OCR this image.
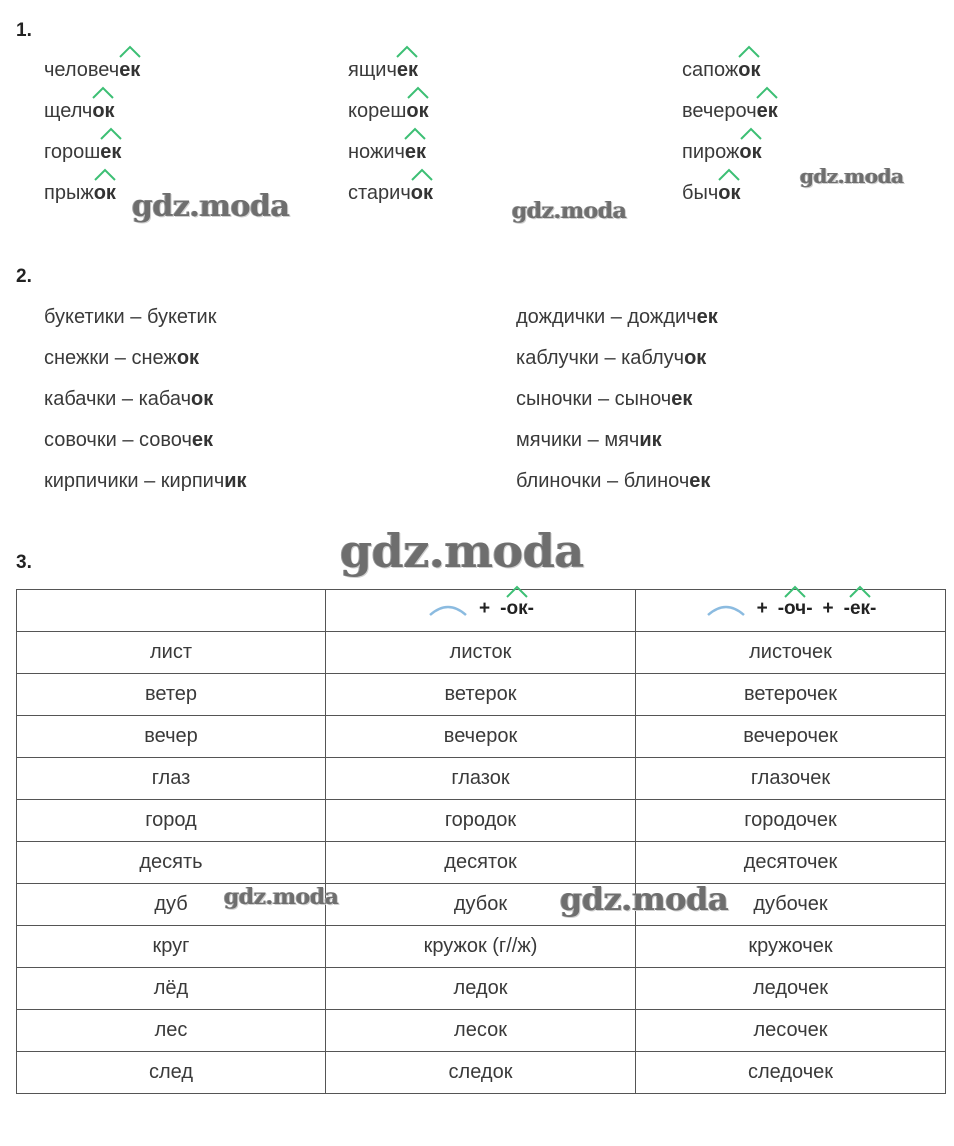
1.
человеч
ек
щелч
ок
горош
ек
прыж
ок
ящич
ек
кореш
ок
ножич
ек
старич
ок
сапож
ок
вечероч
ек
пирож
ок
быч
ок
2.
букетики – букетик
снежки – снежок
кабачки – кабачок
совочки – совочек
кирпичики – кирпичик
дождички – дождичек
каблучки – каблучок
сыночки – сыночек
мячики – мячик
блиночки – блиночек
3.

	+ -ок-	+ -оч- + -ек-

лист	листок	листочек
ветер	ветерок	ветерочек
вечер	вечерок	вечерочек
глаз	глазок	глазочек
город	городок	городочек
десять	десяток	десяточек
дуб	дубок	дубочек
круг	кружок (г//ж)	кружочек
лёд	ледок	ледочек
лес	лесок	лесочек
след	следок	следочек
gdz.moda	gdz.moda
gdz.moda
gdz.moda
gdz.moda	gdz.moda
